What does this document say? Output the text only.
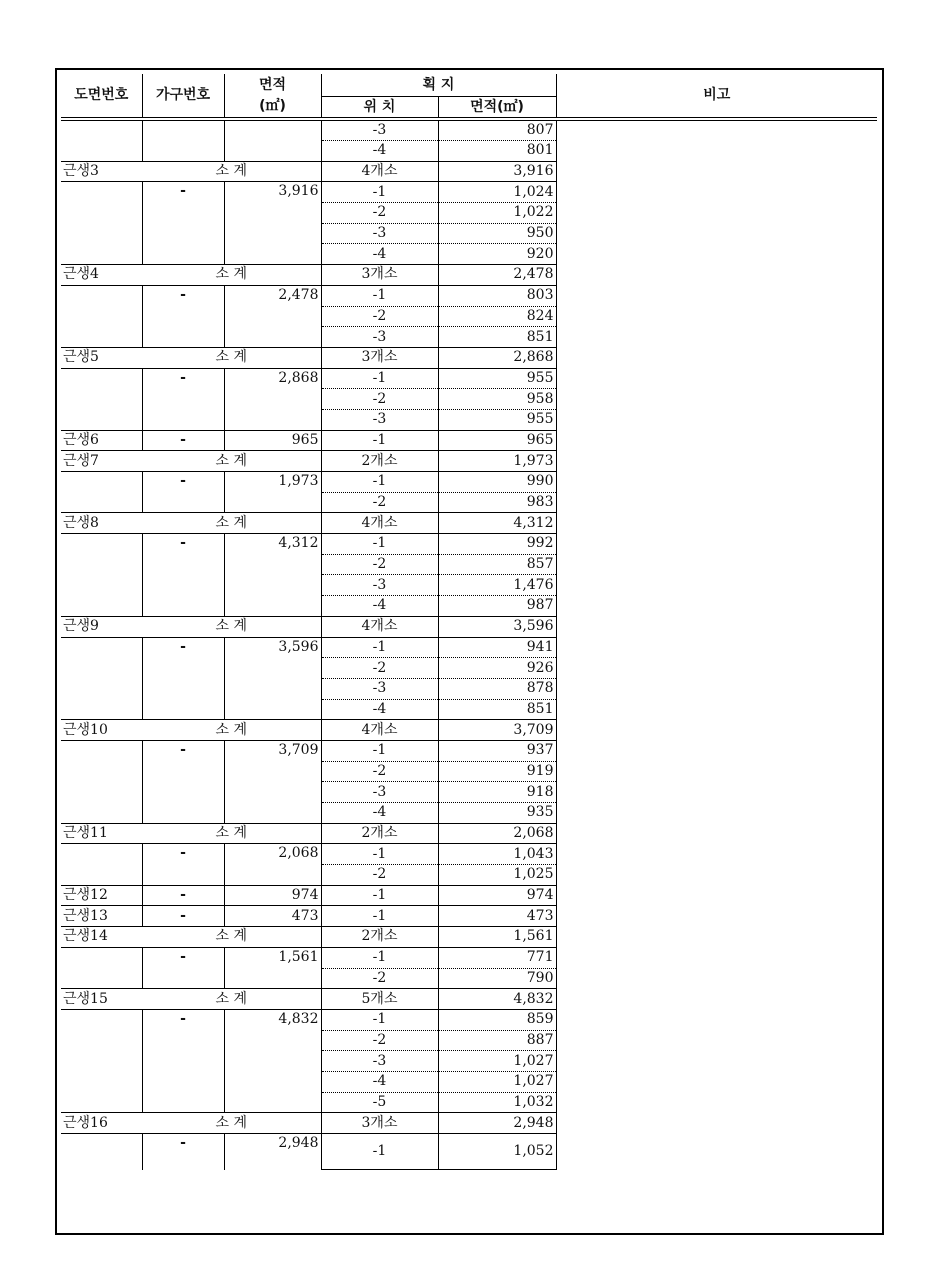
도면번호	가구번호	면적	획 지		비고
		(㎡)	위 치	면적(㎡)	
			-3	807	
			-4	801	
근생3	소 계		4개소	3,916	
	-	3,916	-1	1,024	
			-2	1,022	
			-3	950	
			-4	920	
근생4	소 계		3개소	2,478	
	-	2,478	-1	803	
			-2	824	
			-3	851	
근생5	소 계		3개소	2,868	
	-	2,868	-1	955	
			-2	958	
			-3	955	
근생6	-	965	-1	965	
근생7	소 계		2개소	1,973	
	-	1,973	-1	990	
			-2	983	
근생8	소 계		4개소	4,312	
	-	4,312	-1	992	
			-2	857	
			-3	1,476	
			-4	987	
근생9	소 계		4개소	3,596	
	-	3,596	-1	941	
			-2	926	
			-3	878	
			-4	851	
근생10	소 계		4개소	3,709	
	-	3,709	-1	937	
			-2	919	
			-3	918	
			-4	935	
근생11	소 계		2개소	2,068	
	-	2,068	-1	1,043	
			-2	1,025	
근생12	-	974	-1	974	
근생13	-	473	-1	473	
근생14	소 계		2개소	1,561	
	-	1,561	-1	771	
			-2	790	
근생15	소 계		5개소	4,832	
	-	4,832	-1	859	
			-2	887	
			-3	1,027	
			-4	1,027	
			-5	1,032	
근생16	소 계		3개소	2,948	
	-	2,948	-1	1,052	
